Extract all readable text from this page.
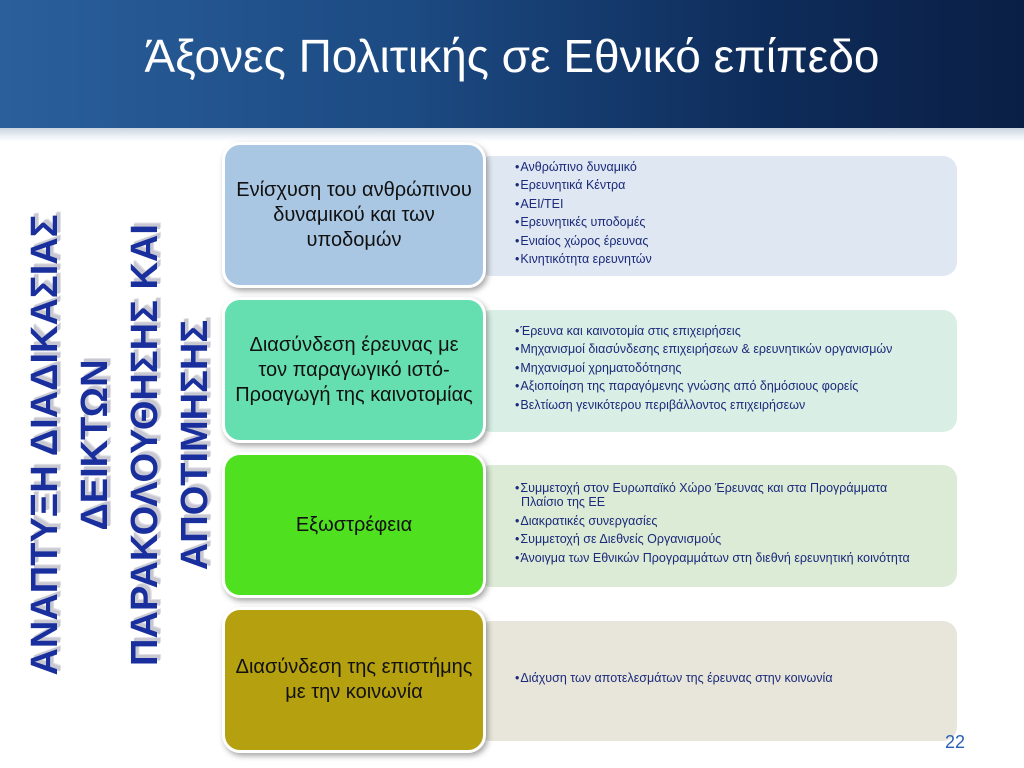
Άξονες Πολιτικής σε Εθνικό επίπεδο
ΑΝΑΠΤΥΞΗ ΔΙΑΔΙΚΑΣΙΑΣ ΔΕΙΚΤΩΝ ΠΑΡΑΚΟΛΟΥΘΗΣΗΣ ΚΑΙ ΑΠΟΤΙΜΗΣΗΣ
• Ανθρώπινο δυναμικό
• Ερευνητικά Κέντρα
• ΑΕΙ/ΤΕΙ
• Ερευνητικές υποδομές
• Ενιαίος χώρος έρευνας
• Κινητικότητα ερευνητών
Ενίσχυση του ανθρώπινου δυναμικού και των υποδομών
• Έρευνα και καινοτομία στις επιχειρήσεις
• Μηχανισμοί διασύνδεσης επιχειρήσεων & ερευνητικών οργανισμών
• Μηχανισμοί χρηματοδότησης
• Αξιοποίηση της παραγόμενης γνώσης από δημόσιους φορείς
• Βελτίωση γενικότερου περιβάλλοντος επιχειρήσεων
Διασύνδεση έρευνας με τον παραγωγικό ιστό-Προαγωγή της καινοτομίας
• Συμμετοχή στον Ευρωπαϊκό Χώρο Έρευνας και στα Προγράμματα Πλαίσιο της ΕΕ
• Διακρατικές συνεργασίες
• Συμμετοχή σε Διεθνείς Οργανισμούς
• Άνοιγμα των Εθνικών Προγραμμάτων στη διεθνή ερευνητική κοινότητα
Εξωστρέφεια
• Διάχυση των αποτελεσμάτων της έρευνας στην κοινωνία
Διασύνδεση της επιστήμης με την κοινωνία
22
